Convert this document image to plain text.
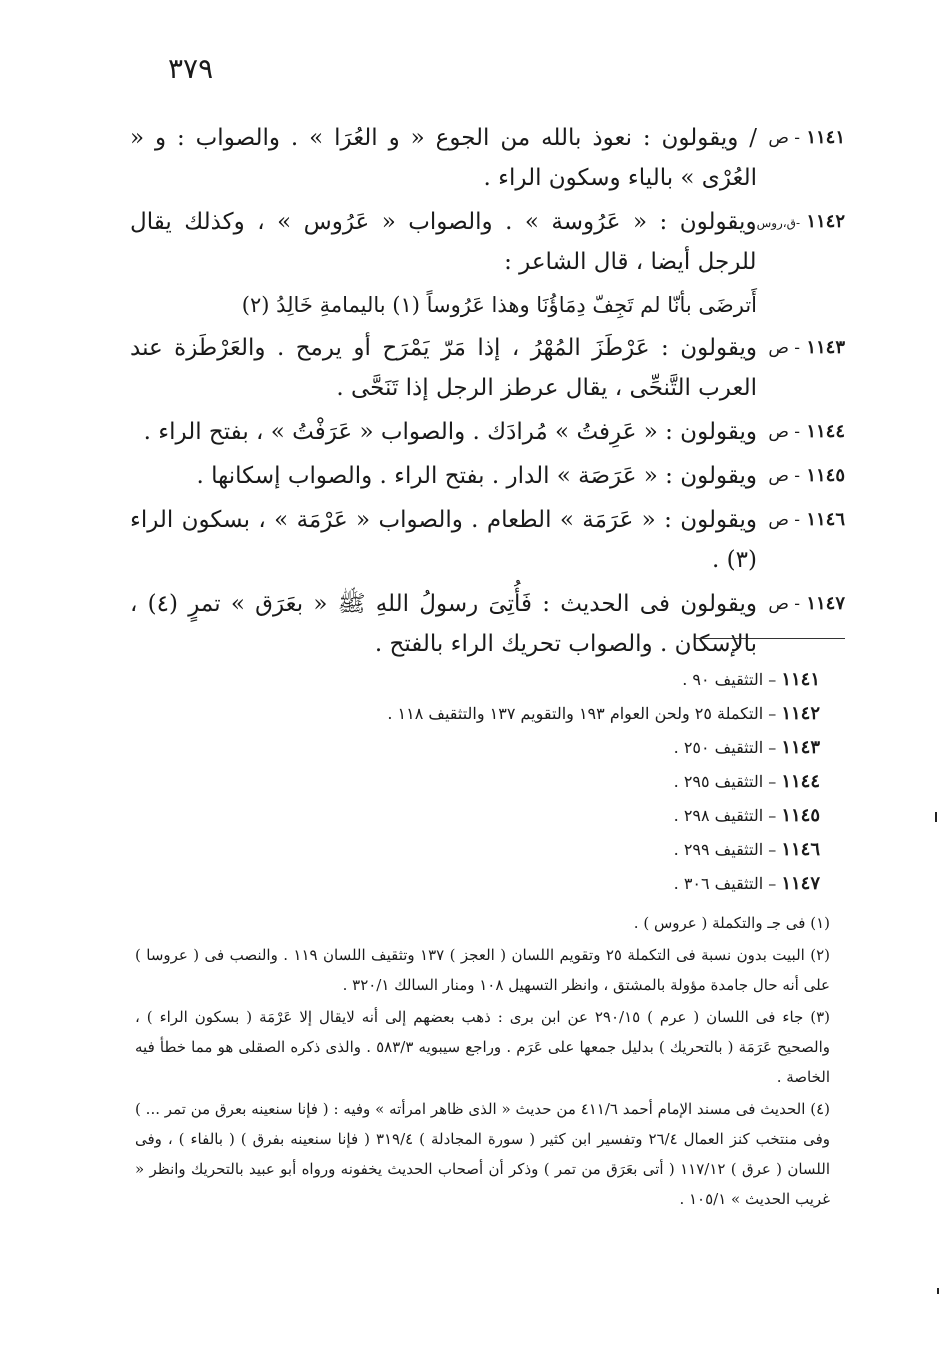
٣٧٩
١١٤١ - ص
/ ويقولون : نعوذ بالله من الجوع « و العُرَا » . والصواب : و « العُرْى » بالياء وسكون الراء .
١١٤٢ -ق،روس
ويقولون : « عَرُوسة » . والصواب « عَرُوس » ، وكذلك يقال للرجل أيضا ، قال الشاعر :
أَترضَى بأنّا لم تَجِفّ دِمَاؤُنَا وهذا عَرُوساً (١) باليمامةِ خَالِدُ (٢)
١١٤٣ - ص
ويقولون : عَرْطَزَ المُهْرُ ، إذا مَرّ يَمْرَح أو يرمح . والعَرْطَزة عند العرب التَّنحِّى ، يقال عرطز الرجل إذا تَنَحَّى .
١١٤٤ - ص
ويقولون : « عَرِفتُ » مُرادَك . والصواب « عَرَفْتُ » ، بفتح الراء .
١١٤٥ - ص
ويقولون : « عَرَصَة » الدار . بفتح الراء . والصواب إسكانها .
١١٤٦ - ص
ويقولون : « عَرَمَة » الطعام . والصواب « عَرْمَة » ، بسكون الراء (٣) .
١١٤٧ - ص
ويقولون فى الحديث : فَأُتِىَ رسولُ اللهِ ﷺ « بعَرَق » تمرٍ (٤) ، بالإسكان . والصواب تحريك الراء بالفتح .
١١٤١ – التثقيف ٩٠ .
١١٤٢ – التكملة ٢٥ ولحن العوام ١٩٣ والتقويم ١٣٧ والتثقيف ١١٨ .
١١٤٣ – التثقيف ٢٥٠ .
١١٤٤ – التثقيف ٢٩٥ .
١١٤٥ – التثقيف ٢٩٨ .
١١٤٦ – التثقيف ٢٩٩ .
١١٤٧ – التثقيف ٣٠٦ .
(١) فى جـ والتكملة ( عروس ) .
(٢) البيت بدون نسبة فى التكملة ٢٥ وتقويم اللسان ( العجز ) ١٣٧ وتثقيف اللسان ١١٩ . والنصب فى ( عروسا ) على أنه حال جامدة مؤولة بالمشتق ، وانظر التسهيل ١٠٨ ومنار السالك ٣٢٠/١ .
(٣) جاء فى اللسان ( عرم ) ٢٩٠/١٥ عن ابن برى : ذهب بعضهم إلى أنه لايقال إلا عَرْمَة ( بسكون الراء ) ، والصحيح عَرَمَة ( بالتحريك ) بدليل جمعها على عَرَم . وراجع سيبويه ٥٨٣/٣ . والذى ذكره الصقلى هو مما خطأ فيه الخاصة .
(٤) الحديث فى مسند الإمام أحمد ٤١١/٦ من حديث « الذى ظاهر امرأته » وفيه : ( فإنا سنعينه بعرق من تمر ... ) وفى منتخب كنز العمال ٢٦/٤ وتفسير ابن كثير ( سورة المجادلة ) ٣١٩/٤ ( فإنا سنعينه بفرق ) ( بالفاء ) ، وفى اللسان ( عرق ) ١١٧/١٢ ( أتى بعَرَق من تمر ) وذكر أن أصحاب الحديث يخفونه ورواه أبو عبيد بالتحريك وانظر « غريب الحديث » ١٠٥/١ .
